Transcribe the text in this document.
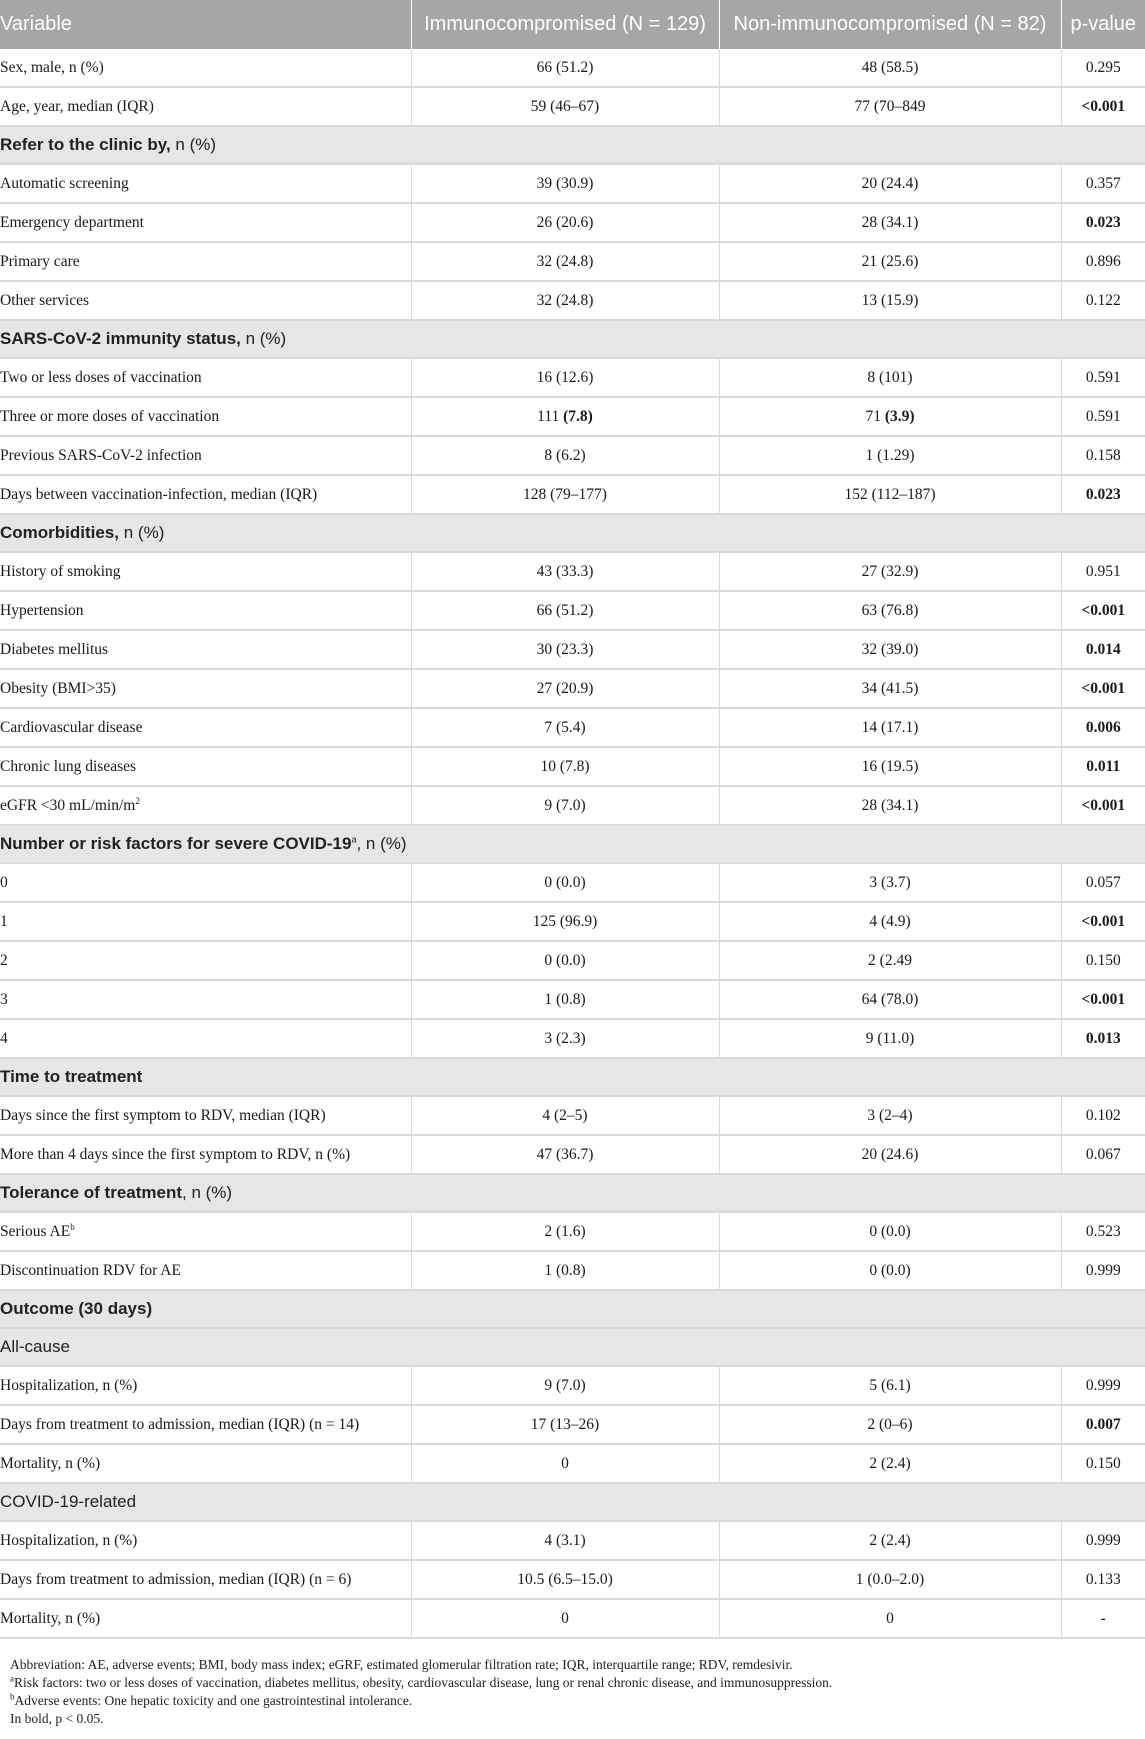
Variable	Immunocompromised (N = 129)	Non-immunocompromised (N = 82)	p-value
Sex, male, n (%)	66 (51.2)	48 (58.5)	0.295
Age, year, median (IQR)	59 (46–67)	77 (70–849	<0.001
Refer to the clinic by, n (%)			
Automatic screening	39 (30.9)	20 (24.4)	0.357
Emergency department	26 (20.6)	28 (34.1)	0.023
Primary care	32 (24.8)	21 (25.6)	0.896
Other services	32 (24.8)	13 (15.9)	0.122
SARS-CoV-2 immunity status, n (%)			
Two or less doses of vaccination	16 (12.6)	8 (101)	0.591
Three or more doses of vaccination	111 (7.8)	71 (3.9)	0.591
Previous SARS-CoV-2 infection	8 (6.2)	1 (1.29)	0.158
Days between vaccination-infection, median (IQR)	128 (79–177)	152 (112–187)	0.023
Comorbidities, n (%)			
History of smoking	43 (33.3)	27 (32.9)	0.951
Hypertension	66 (51.2)	63 (76.8)	<0.001
Diabetes mellitus	30 (23.3)	32 (39.0)	0.014
Obesity (BMI>35)	27 (20.9)	34 (41.5)	<0.001
Cardiovascular disease	7 (5.4)	14 (17.1)	0.006
Chronic lung diseases	10 (7.8)	16 (19.5)	0.011
eGFR <30 $mL/\min/m^2$	9 (7.0)	28 (34.1)	<0.001
Number or risk factors for severe COVID-19$^a$, n (%)			
0	0 (0.0)	3 (3.7)	0.057
1	125 (96.9)	4 (4.9)	<0.001
2	0 (0.0)	2 (2.49	0.150
3	1 (0.8)	64 (78.0)	<0.001
4	3 (2.3)	9 (11.0)	0.013
Time to treatment			
Days since the first symptom to RDV, median (IQR)	4 (2–5)	3 (2–4)	0.102
More than 4 days since the first symptom to RDV, n (%)	47 (36.7)	20 (24.6)	0.067
Tolerance of treatment, n (%)			
Serious $AE^b$	2 (1.6)	0 (0.0)	0.523
Discontinuation RDV for AE	1 (0.8)	0 (0.0)	0.999
Outcome (30 days)			
All-cause			
Hospitalization, n (%)	9 (7.0)	5 (6.1)	0.999
Days from treatment to admission, median (IQR) (n = 14)	17 (13–26)	2 (0–6)	0.007
Mortality, n (%)	0	2 (2.4)	0.150
COVID-19-related			
Hospitalization, n (%)	4 (3.1)	2 (2.4)	0.999
Days from treatment to admission, median (IQR) (n = 6)	10.5 (6.5–15.0)	1 (0.0–2.0)	0.133
Mortality, n (%)	0	0	-
Abbreviation: AE, adverse events; BMI, body mass index; eGRF, estimated glomerular filtration rate; IQR, interquartile range; RDV, remdesivir.
$^a$Risk factors: two or less doses of vaccination, diabetes mellitus, obesity, cardiovascular disease, lung or renal chronic disease, and immunosuppression.
$^b$Adverse events: One hepatic toxicity and one gastrointestinal intolerance.
In bold, p < 0.05.
